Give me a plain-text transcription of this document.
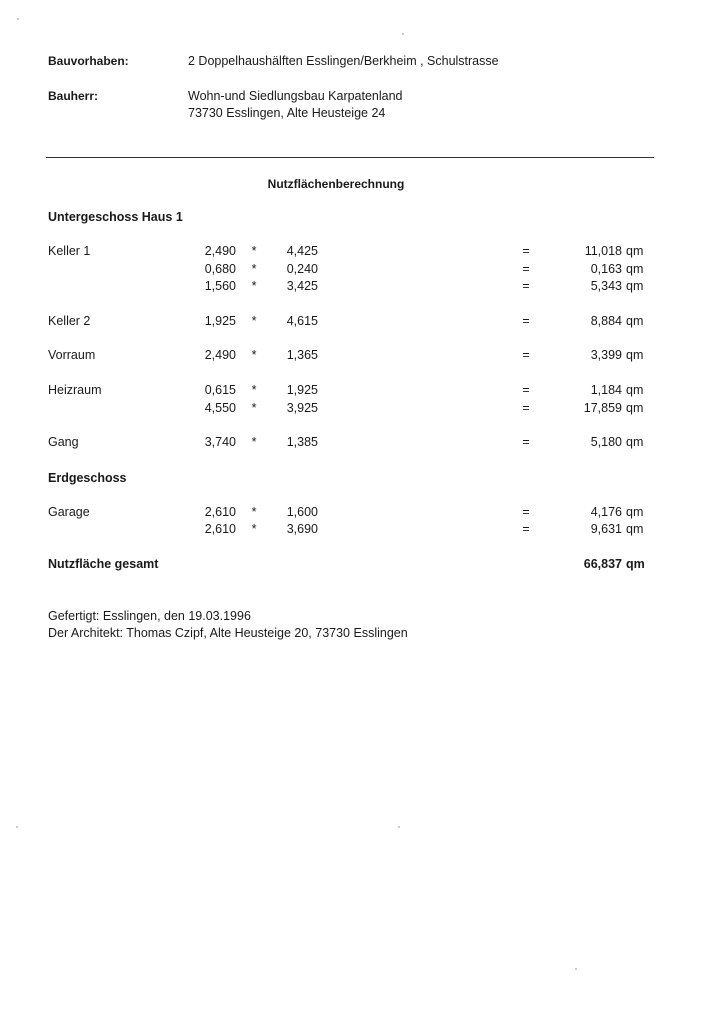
Bauvorhaben:	2 Doppelhaushälften Esslingen/Berkheim , Schulstrasse
Bauherr:	Wohn-und Siedlungsbau Karpatenland
73730 Esslingen, Alte Heusteige 24
Nutzflächenberechnung
Untergeschoss Haus 1
Keller 1	2,490 *	4,425	=	11,018 qm
0,680 *	0,240	=	0,163 qm
1,560 *	3,425	=	5,343 qm
Keller 2	1,925 *	4,615	=	8,884 qm
Vorraum	2,490 *	1,365	=	3,399 qm
Heizraum	0,615 *	1,925	=	1,184 qm
4,550 *	3,925	=	17,859 qm
Gang	3,740 *	1,385	=	5,180 qm
Erdgeschoss
Garage	2,610 *	1,600	=	4,176 qm
2,610 *	3,690	=	9,631 qm
Nutzfläche gesamt	66,837 qm
Gefertigt: Esslingen, den 19.03.1996
Der Architekt: Thomas Czipf, Alte Heusteige 20, 73730 Esslingen
